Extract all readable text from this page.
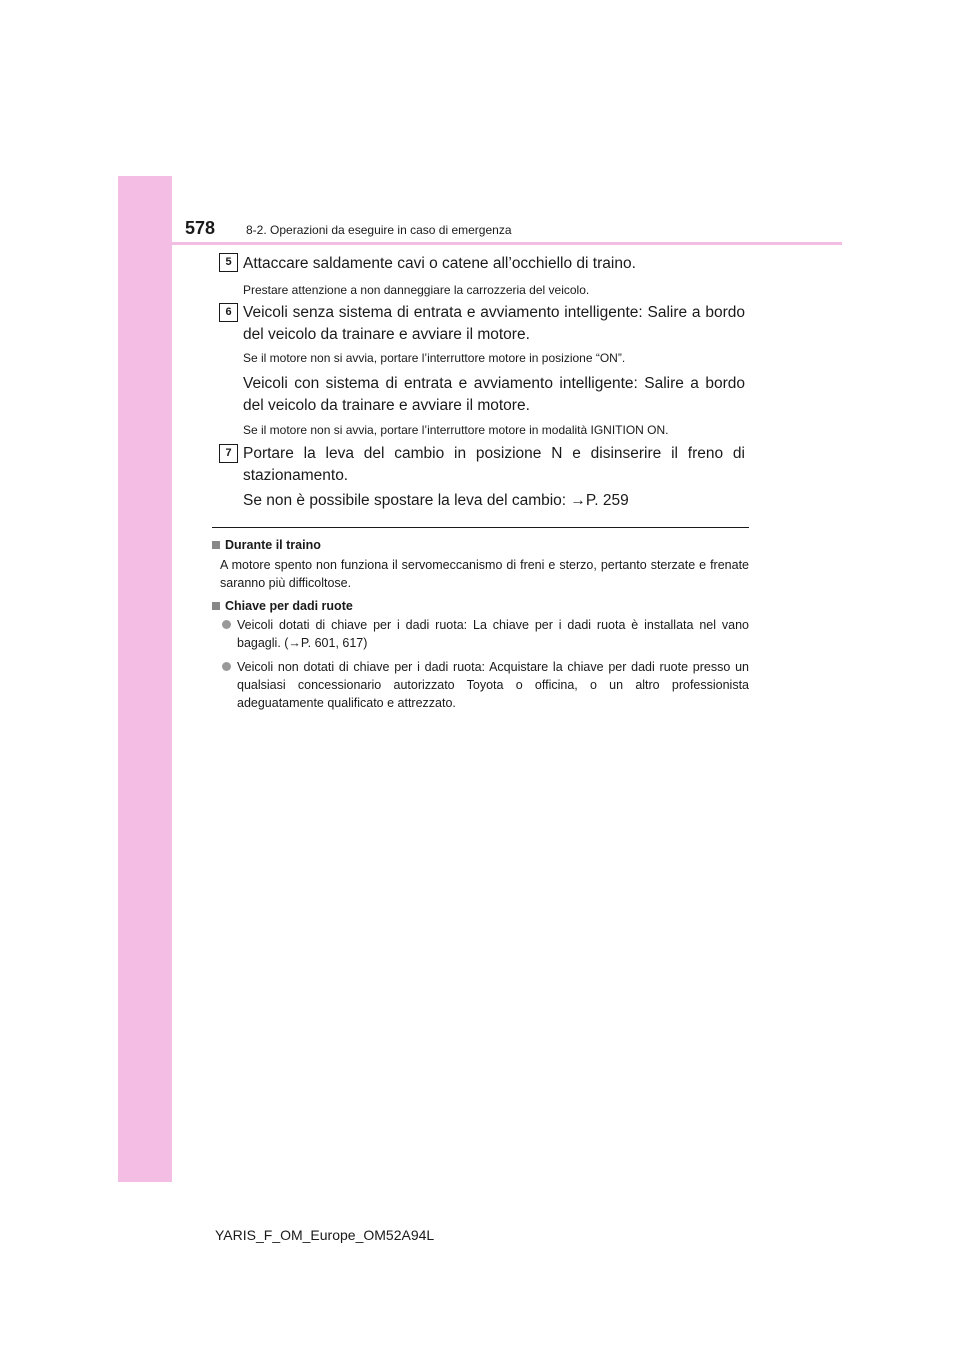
578	8-2. Operazioni da eseguire in caso di emergenza
5 Attaccare saldamente cavi o catene all’occhiello di traino.
Prestare attenzione a non danneggiare la carrozzeria del veicolo.
6 Veicoli senza sistema di entrata e avviamento intelligente: Salire a bordo del veicolo da trainare e avviare il motore.
Se il motore non si avvia, portare l’interruttore motore in posizione “ON”.
Veicoli con sistema di entrata e avviamento intelligente: Salire a bordo del veicolo da trainare e avviare il motore.
Se il motore non si avvia, portare l’interruttore motore in modalità IGNITION ON.
7 Portare la leva del cambio in posizione N e disinserire il freno di stazionamento.
Se non è possibile spostare la leva del cambio: →P. 259
Durante il traino
A motore spento non funziona il servomeccanismo di freni e sterzo, pertanto sterzate e frenate saranno più difficoltose.
Chiave per dadi ruote
Veicoli dotati di chiave per i dadi ruota: La chiave per i dadi ruota è installata nel vano bagagli. (→P. 601, 617)
Veicoli non dotati di chiave per i dadi ruota: Acquistare la chiave per dadi ruote presso un qualsiasi concessionario autorizzato Toyota o officina, o un altro professionista adeguatamente qualificato e attrezzato.
YARIS_F_OM_Europe_OM52A94L
